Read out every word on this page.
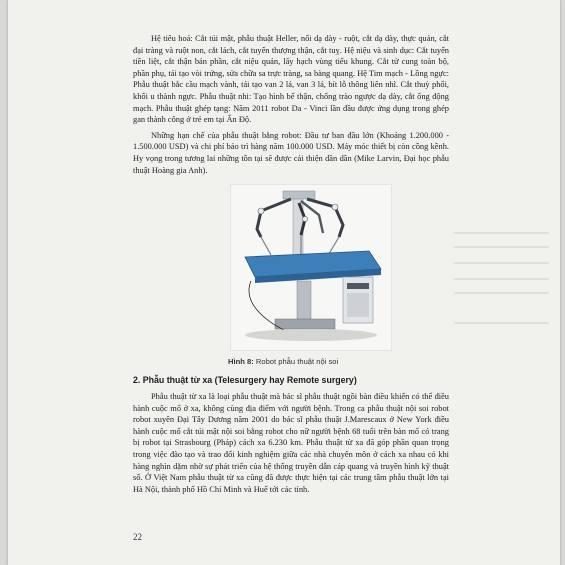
Hệ tiêu hoá: Cắt túi mật, phẫu thuật Heller, nối dạ dày - ruột, cắt dạ dày, thực quản, cắt đại tràng và ruột non, cắt lách, cắt tuyến thượng thận, cắt tuỵ. Hệ niệu và sinh dục: Cắt tuyến tiền liệt, cắt thận bán phần, cắt niệu quản, lấy hạch vùng tiểu khung. Cắt tử cung toàn bộ, phần phụ, tái tạo vòi trứng, sửa chữa sa trực tràng, sa bàng quang. Hệ Tim mạch - Lồng ngực: Phẫu thuật bắc cầu mạch vành, tái tạo van 2 lá, van 3 lá, bít lỗ thông liên nhĩ. Cắt thuỳ phổi, khối u thành ngực. Phẫu thuật nhi: Tạo hình bể thận, chống trào ngược dạ dày, cắt ống động mạch. Phẫu thuật ghép tạng: Năm 2011 robot Da - Vinci lần đầu được ứng dụng trong ghép gan thành công ở trẻ em tại Ấn Độ.

Những hạn chế của phẫu thuật bằng robot: Đầu tư ban đầu lớn (Khoảng 1.200.000 - 1.500.000 USD) và chi phí bảo trì hàng năm 100.000 USD. Máy móc thiết bị còn cồng kềnh. Hy vọng trong tương lai những tồn tại sẽ được cải thiện dần dần (Mike Larvin, Đại học phẫu thuật Hoàng gia Anh).

Hình 8: Robot phẫu thuật nội soi
2. Phẫu thuật từ xa (Telesurgery hay Remote surgery)

Phẫu thuật từ xa là loại phẫu thuật mà bác sĩ phẫu thuật ngồi bàn điều khiển có thể điều hành cuộc mổ ở xa, không cùng địa điểm với người bệnh. Trong ca phẫu thuật nội soi robot robot xuyên Đại Tây Dương năm 2001 do bác sĩ phẫu thuật J.Marescaux ở New York điều hành cuộc mổ cắt túi mật nội soi bằng robot cho nữ người bệnh 68 tuổi trên bàn mổ có trang bị robot tại Strasbourg (Pháp) cách xa 6.230 km. Phẫu thuật từ xa đã góp phần quan trọng trong việc đào tạo và trao đổi kinh nghiệm giữa các nhà chuyên môn ở cách xa nhau có khi hàng nghìn dặm nhờ sự phát triển của hệ thống truyền dẫn cáp quang và truyền hình kỹ thuật số. Ở Việt Nam phẫu thuật từ xa cũng đã được thực hiện tại các trung tâm phẫu thuật lớn tại Hà Nội, thành phố Hồ Chí Minh và Huế tới các tỉnh.

22
